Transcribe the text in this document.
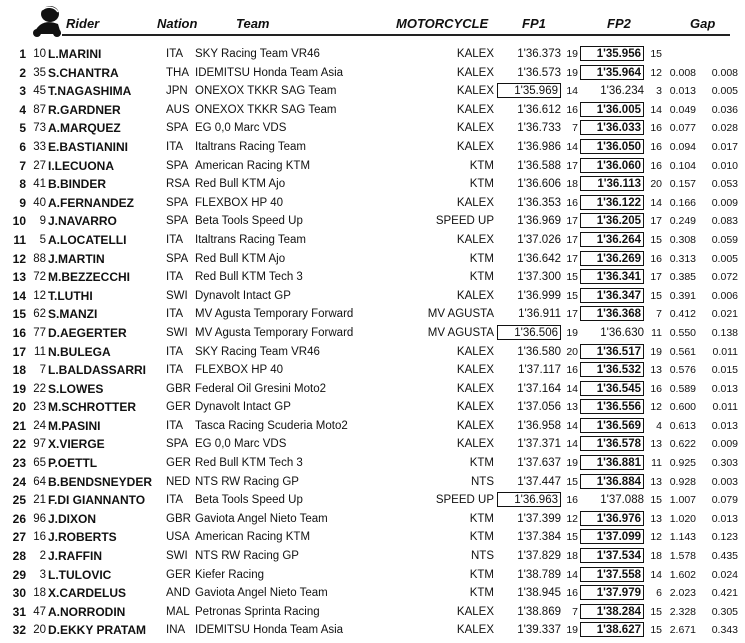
Rider	Nation	Team	MOTORCYCLE	FP1	FP2	Gap
1 10 L.MARINI	ITA SKY Racing Team VR46	KALEX	1'36.373 19	1'35.956 15
2 35 S.CHANTRA	THA IDEMITSU Honda Team Asia	KALEX	1'36.573 19	1'35.964 12 0.008	0.008
3 45 T.NAGASHIMA	JPN ONEXOX TKKR SAG Team	KALEX	1'35.969 14	1'36.234	3 0.013	0.005
4 87 R.GARDNER	AUS ONEXOX TKKR SAG Team	KALEX	1'36.612 16	1'36.005 14 0.049	0.036
5 73 A.MARQUEZ	SPA EG 0,0 Marc VDS	KALEX	1'36.733	7	1'36.033 16 0.077	0.028
6 33 E.BASTIANINI	ITA Italtrans Racing Team	KALEX	1'36.986 14	1'36.050 16 0.094	0.017
7 27 I.LECUONA	SPA American Racing KTM	KTM	1'36.588 17	1'36.060 16 0.104	0.010
8 41 B.BINDER	RSA Red Bull KTM Ajo	KTM	1'36.606 18	1'36.113 20 0.157	0.053
9 40 A.FERNANDEZ	SPA FLEXBOX HP 40	KALEX	1'36.353 16	1'36.122 14 0.166	0.009
10	9 J.NAVARRO	SPA Beta Tools Speed Up	SPEED UP	1'36.969 17	1'36.205 17 0.249	0.083
11	5 A.LOCATELLI	ITA Italtrans Racing Team	KALEX	1'37.026 17	1'36.264 15 0.308	0.059
12 88 J.MARTIN	SPA Red Bull KTM Ajo	KTM	1'36.642 17	1'36.269 16 0.313	0.005
13 72 M.BEZZECCHI	ITA Red Bull KTM Tech 3	KTM	1'37.300 15	1'36.341 17 0.385	0.072
14 12 T.LUTHI	SWI Dynavolt Intact GP	KALEX	1'36.999 15	1'36.347 15 0.391	0.006
15 62 S.MANZI	ITA MV Agusta Temporary Forward	MV AGUSTA	1'36.911 17	1'36.368	7 0.412	0.021
16 77 D.AEGERTER	SWI MV Agusta Temporary Forward	MV AGUSTA	1'36.506 19	1'36.630 11 0.550	0.138
17 11 N.BULEGA	ITA SKY Racing Team VR46	KALEX	1'36.580 20	1'36.517 19 0.561	0.011
18	7 L.BALDASSARRI ITA FLEXBOX HP 40	KALEX	1'37.117 16	1'36.532 13 0.576	0.015
19 22 S.LOWES	GBR Federal Oil Gresini Moto2	KALEX	1'37.164 14	1'36.545 16 0.589	0.013
20 23 M.SCHROTTER	GER Dynavolt Intact GP	KALEX	1'37.056 13	1'36.556 12 0.600	0.011
21 24 M.PASINI	ITA Tasca Racing Scuderia Moto2	KALEX	1'36.958 14	1'36.569	4 0.613	0.013
22 97 X.VIERGE	SPA EG 0,0 Marc VDS	KALEX	1'37.371 14	1'36.578 13 0.622	0.009
23 65 P.OETTL	GER Red Bull KTM Tech 3	KTM	1'37.637 19	1'36.881 11 0.925	0.303
24 64 B.BENDSNEYDER NED NTS RW Racing GP	NTS	1'37.447 15	1'36.884 13 0.928	0.003
25 21 F.DI GIANNANTO ITA Beta Tools Speed Up	SPEED UP	1'36.963 16	1'37.088 15 1.007	0.079
26 96 J.DIXON	GBR Gaviota Angel Nieto Team	KTM	1'37.399 12	1'36.976 13 1.020	0.013
27 16 J.ROBERTS	USA American Racing KTM	KTM	1'37.384 15	1'37.099 12 1.143	0.123
28	2 J.RAFFIN	SWI NTS RW Racing GP	NTS	1'37.829 18	1'37.534 18 1.578	0.435
29	3 L.TULOVIC	GER Kiefer Racing	KTM	1'38.789 14	1'37.558 14 1.602	0.024
30 18 X.CARDELUS	AND Gaviota Angel Nieto Team	KTM	1'38.945 16	1'37.979	6 2.023	0.421
31 47 A.NORRODIN	MAL Petronas Sprinta Racing	KALEX	1'38.869	7	1'38.284 15 2.328	0.305
32 20 D.EKKY PRATAM INA IDEMITSU Honda Team Asia	KALEX	1'39.337 19	1'38.627 15 2.671	0.343
